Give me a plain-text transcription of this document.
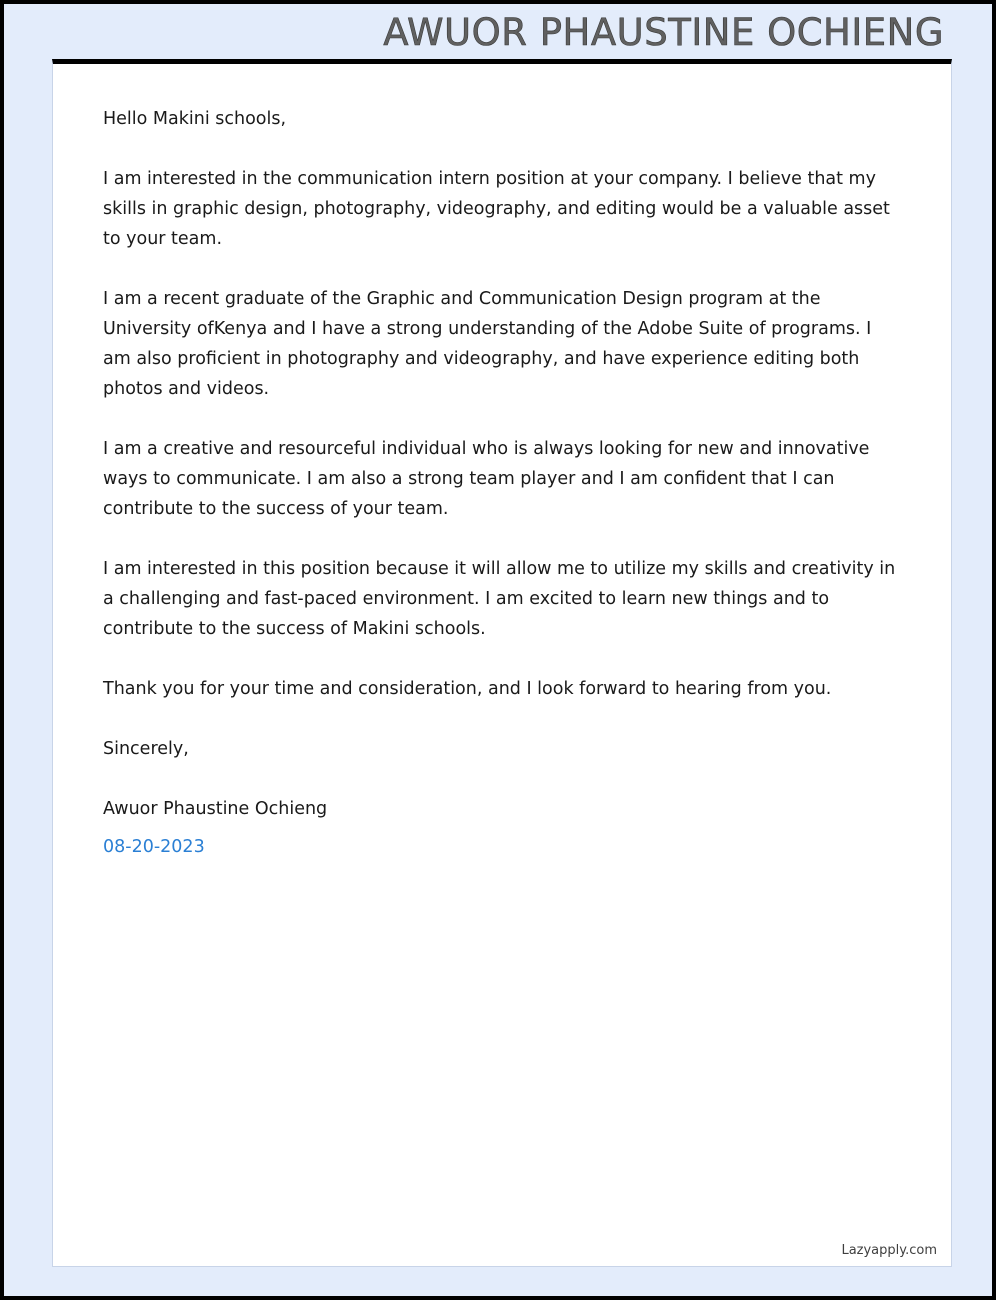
AWUOR PHAUSTINE OCHIENG

Hello Makini schools,

I am interested in the communication intern position at your company. I believe that my skills in graphic design, photography, videography, and editing would be a valuable asset to your team.

I am a recent graduate of the Graphic and Communication Design program at the University ofKenya and I have a strong understanding of the Adobe Suite of programs. I am also proficient in photography and videography, and have experience editing both photos and videos.

I am a creative and resourceful individual who is always looking for new and innovative ways to communicate. I am also a strong team player and I am confident that I can contribute to the success of your team.

I am interested in this position because it will allow me to utilize my skills and creativity in a challenging and fast-paced environment. I am excited to learn new things and to contribute to the success of Makini schools.

Thank you for your time and consideration, and I look forward to hearing from you.

Sincerely,

Awuor Phaustine Ochieng

08-20-2023

Lazyapply.com
